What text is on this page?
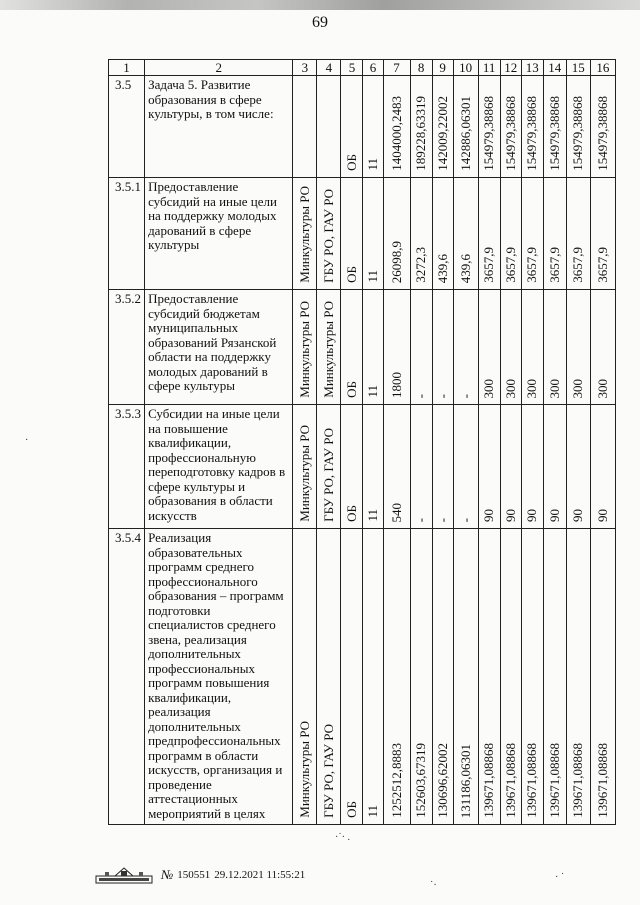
69
1	2	3	4	5	6	7	8	9	10	11	12	13	14	15	16
3.5	Задача 5. Развитие образования в сфере культуры, в том числе:			ОБ	11	1404000,2483	189228,63319	142009,22002	142886,06301	154979,38868	154979,38868	154979,38868	154979,38868	154979,38868	154979,38868

3.5.1	Предоставление субсидий на иные цели на поддержку молодых дарований в сфере культуры	Минкультуры РО	ГБУ РО, ГАУ РО	ОБ	11	26098,9	3272,3	439,6	439,6	3657,9	3657,9	3657,9	3657,9	3657,9	3657,9

3.5.2	Предоставление субсидий бюджетам муниципальных образований Рязанской области на поддержку молодых дарований в сфере культуры	Минкультуры РО	Минкультуры РО	ОБ	11	1800	-	-	-	300	300	300	300	300	300

3.5.3	Субсидии на иные цели на повышение квалификации, профессиональную переподготовку кадров в сфере культуры и образования в области искусств	Минкультуры РО	ГБУ РО, ГАУ РО	ОБ	11	540	-	-	-	90	90	90	90	90	90

3.5.4	Реализация образовательных программ среднего профессионального образования – программ подготовки специалистов среднего звена, реализация дополнительных профессиональных программ повышения квалификации, реализация дополнительных предпрофессиональных программ в области искусств, организация и проведение аттестационных мероприятий в целях	Минкультуры РО	ГБУ РО, ГАУ РО	ОБ	11	1252512,8883	152603,67319	130696,62002	131186,06301	139671,08868	139671,08868	139671,08868	139671,08868	139671,08868	139671,08868
№ 150551 29.12.2021 11:55:21
·˙· .
·
˙·
· ˙
